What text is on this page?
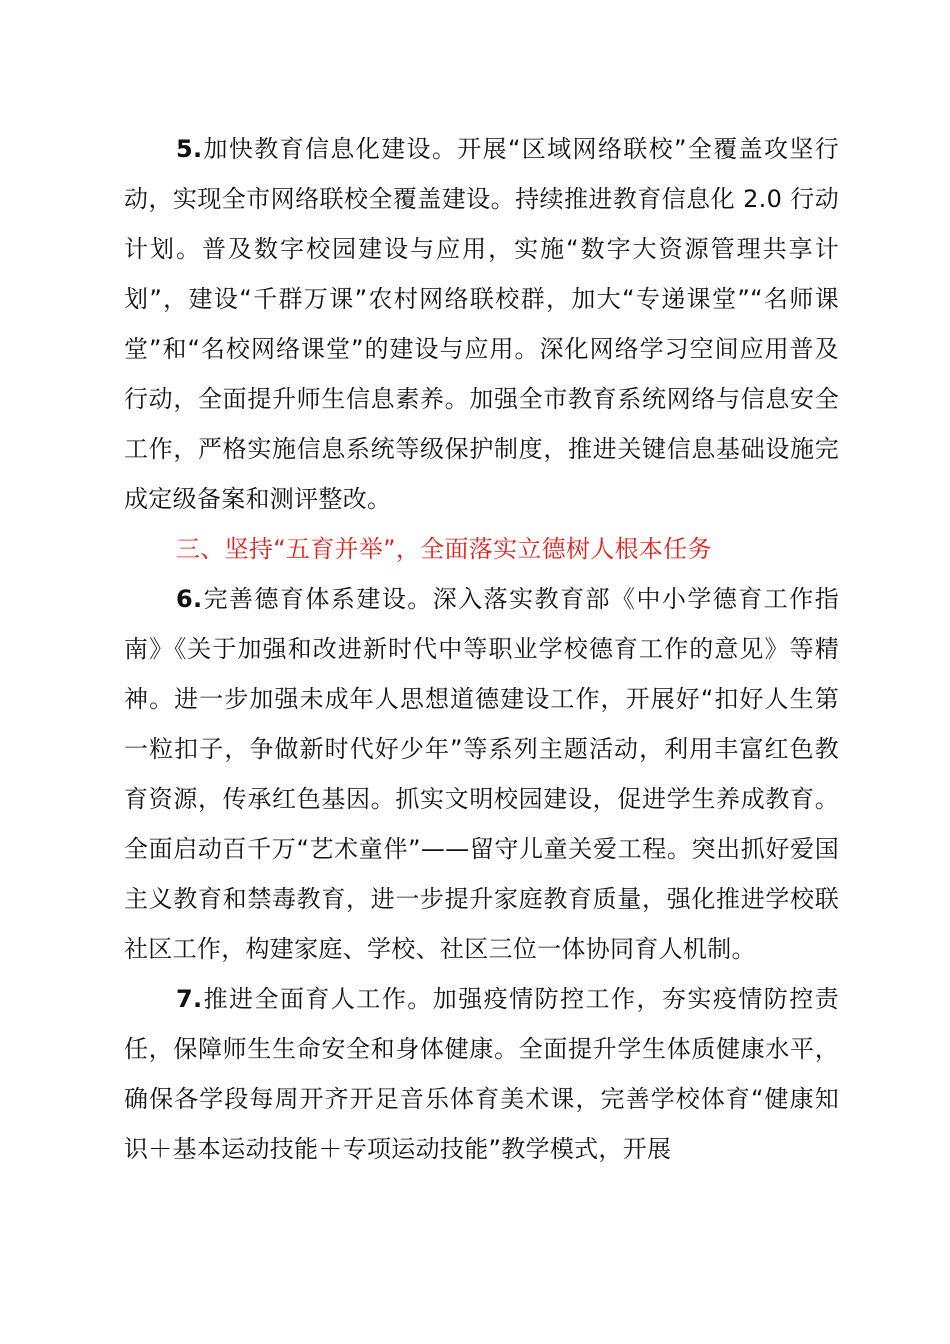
5.加快教育信息化建设。开展“区域网络联校”全覆盖攻坚行动，实现全市网络联校全覆盖建设。持续推进教育信息化 2.0 行动计划。普及数字校园建设与应用，实施“数字大资源管理共享计划”，建设“千群万课”农村网络联校群，加大“专递课堂”“名师课堂”和“名校网络课堂”的建设与应用。深化网络学习空间应用普及行动，全面提升师生信息素养。加强全市教育系统网络与信息安全工作，严格实施信息系统等级保护制度，推进关键信息基础设施完成定级备案和测评整改。

三、坚持“五育并举”，全面落实立德树人根本任务

6.完善德育体系建设。深入落实教育部《中小学德育工作指南》《关于加强和改进新时代中等职业学校德育工作的意见》等精神。进一步加强未成年人思想道德建设工作，开展好“扣好人生第一粒扣子，争做新时代好少年”等系列主题活动，利用丰富红色教育资源，传承红色基因。抓实文明校园建设，促进学生养成教育。全面启动百千万“艺术童伴”——留守儿童关爱工程。突出抓好爱国主义教育和禁毒教育，进一步提升家庭教育质量，强化推进学校联社区工作，构建家庭、学校、社区三位一体协同育人机制。

7.推进全面育人工作。加强疫情防控工作，夯实疫情防控责任，保障师生生命安全和身体健康。全面提升学生体质健康水平，确保各学段每周开齐开足音乐体育美术课，完善学校体育“健康知识＋基本运动技能＋专项运动技能”教学模式，开展
